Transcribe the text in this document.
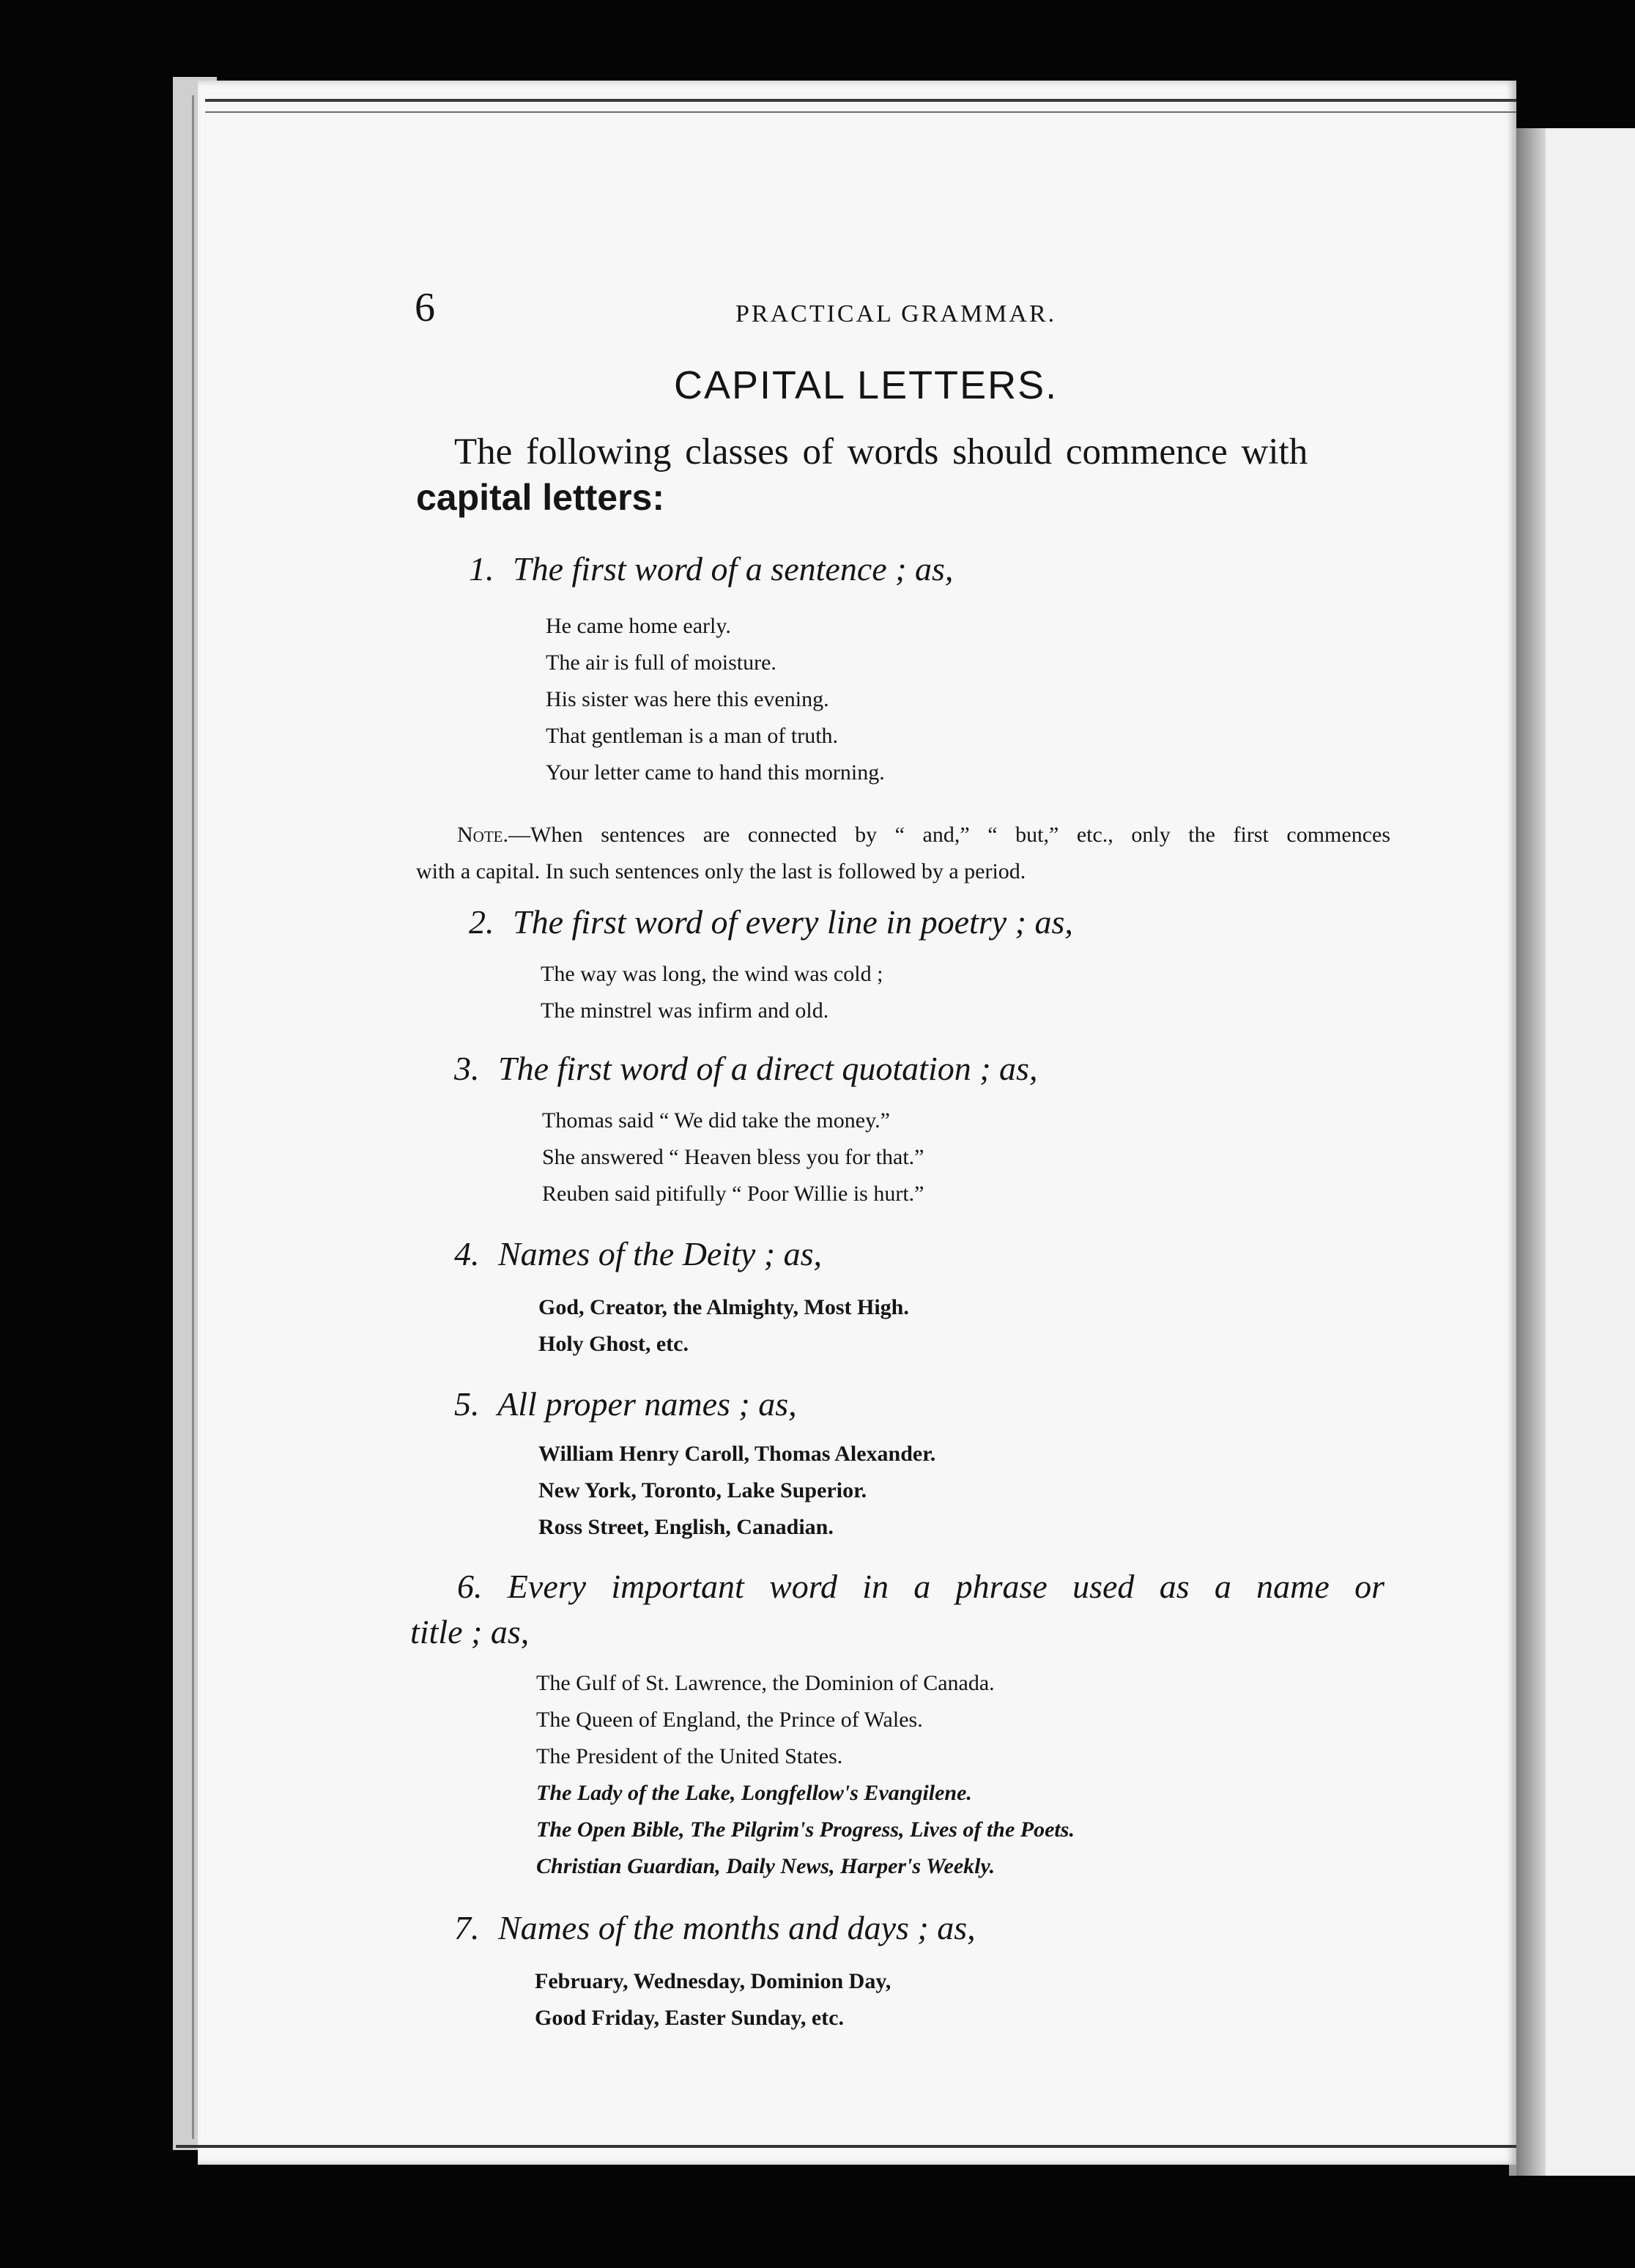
6	PRACTICAL GRAMMAR.
CAPITAL LETTERS.
The following classes of words should commence with
capital letters:
1. The first word of a sentence ; as,
He came home early.
The air is full of moisture.
His sister was here this evening.
That gentleman is a man of truth.
Your letter came to hand this morning.
Note.—When sentences are connected by “ and,” “ but,” etc., only the first commences
with a capital. In such sentences only the last is followed by a period.
2. The first word of every line in poetry ; as,
The way was long, the wind was cold ;
The minstrel was infirm and old.
3. The first word of a direct quotation ; as,
Thomas said “ We did take the money.”
She answered “ Heaven bless you for that.”
Reuben said pitifully “ Poor Willie is hurt.”
4. Names of the Deity ; as,
God, Creator, the Almighty, Most High.
Holy Ghost, etc.
5. All proper names ; as,
William Henry Caroll, Thomas Alexander.
New York, Toronto, Lake Superior.
Ross Street, English, Canadian.
6. Every important word in a phrase used as a name or
title ; as,
The Gulf of St. Lawrence, the Dominion of Canada.
The Queen of England, the Prince of Wales.
The President of the United States.
The Lady of the Lake, Longfellow's Evangilene.
The Open Bible, The Pilgrim's Progress, Lives of the Poets.
Christian Guardian, Daily News, Harper's Weekly.
7. Names of the months and days ; as,
February, Wednesday, Dominion Day,
Good Friday, Easter Sunday, etc.
